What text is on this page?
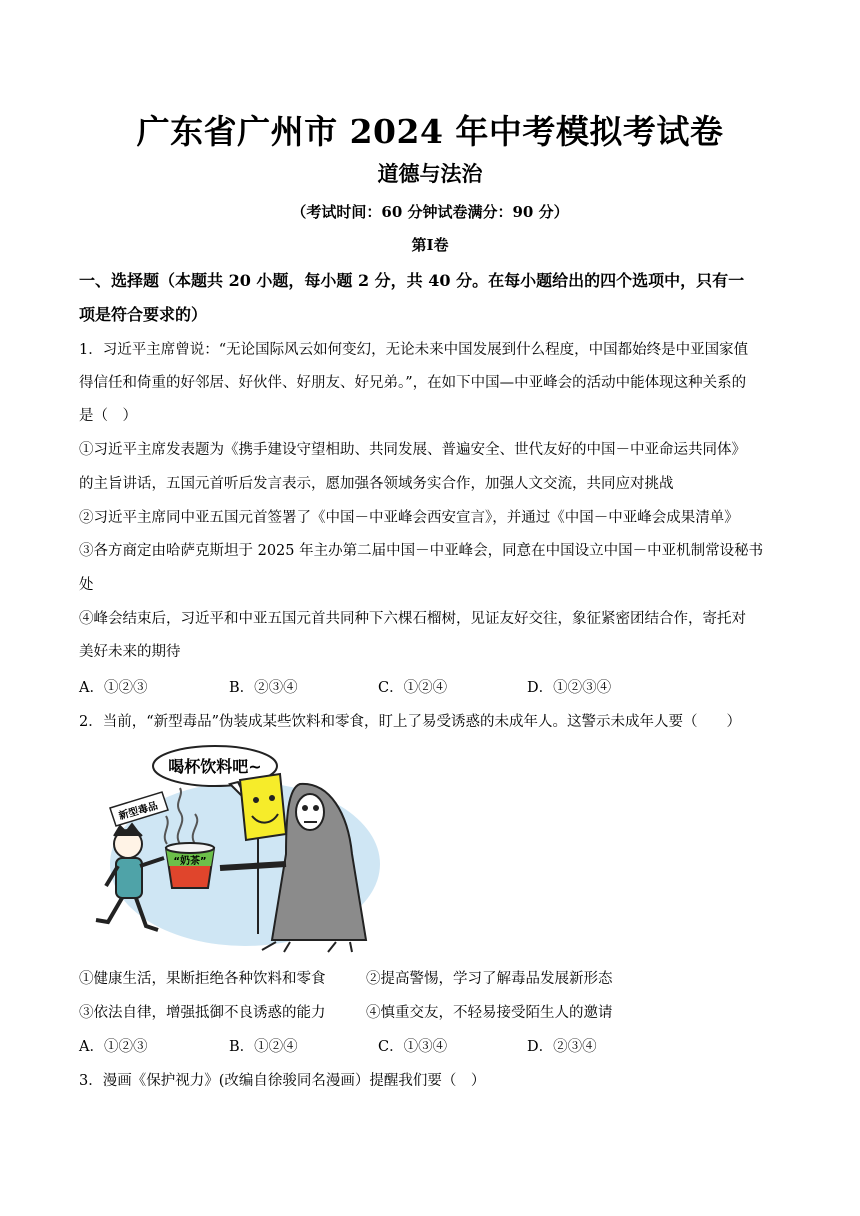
广东省广州市 2024 年中考模拟考试卷
道德与法治
（考试时间：60 分钟试卷满分：90 分）
第Ⅰ卷
一、选择题（本题共 20 小题，每小题 2 分，共 40 分。在每小题给出的四个选项中，只有一
项是符合要求的）
1．习近平主席曾说：“无论国际风云如何变幻，无论未来中国发展到什么程度，中国都始终是中亚国家值
得信任和倚重的好邻居、好伙伴、好朋友、好兄弟。”，在如下中国—中亚峰会的活动中能体现这种关系的
是（　）
①习近平主席发表题为《携手建设守望相助、共同发展、普遍安全、世代友好的中国－中亚命运共同体》
的主旨讲话，五国元首听后发言表示，愿加强各领域务实合作，加强人文交流，共同应对挑战
②习近平主席同中亚五国元首签署了《中国－中亚峰会西安宣言》，并通过《中国－中亚峰会成果清单》
③各方商定由哈萨克斯坦于 2025 年主办第二届中国－中亚峰会，同意在中国设立中国－中亚机制常设秘书
处
④峰会结束后，习近平和中亚五国元首共同种下六棵石榴树，见证友好交往，象征紧密团结合作，寄托对
美好未来的期待
A．①②③	B．②③④	C．①②④	D．①②③④
2．当前，“新型毒品”伪装成某些饮料和零食，盯上了易受诱惑的未成年人。这警示未成年人要（　　）
喝杯饮料吧~
新型毒品
“奶茶”
①健康生活，果断拒绝各种饮料和零食	②提高警惕，学习了解毒品发展新形态
③依法自律，增强抵御不良诱惑的能力	④慎重交友，不轻易接受陌生人的邀请
A．①②③	B．①②④	C．①③④	D．②③④
3．漫画《保护视力》(改编自徐骏同名漫画）提醒我们要（　）
